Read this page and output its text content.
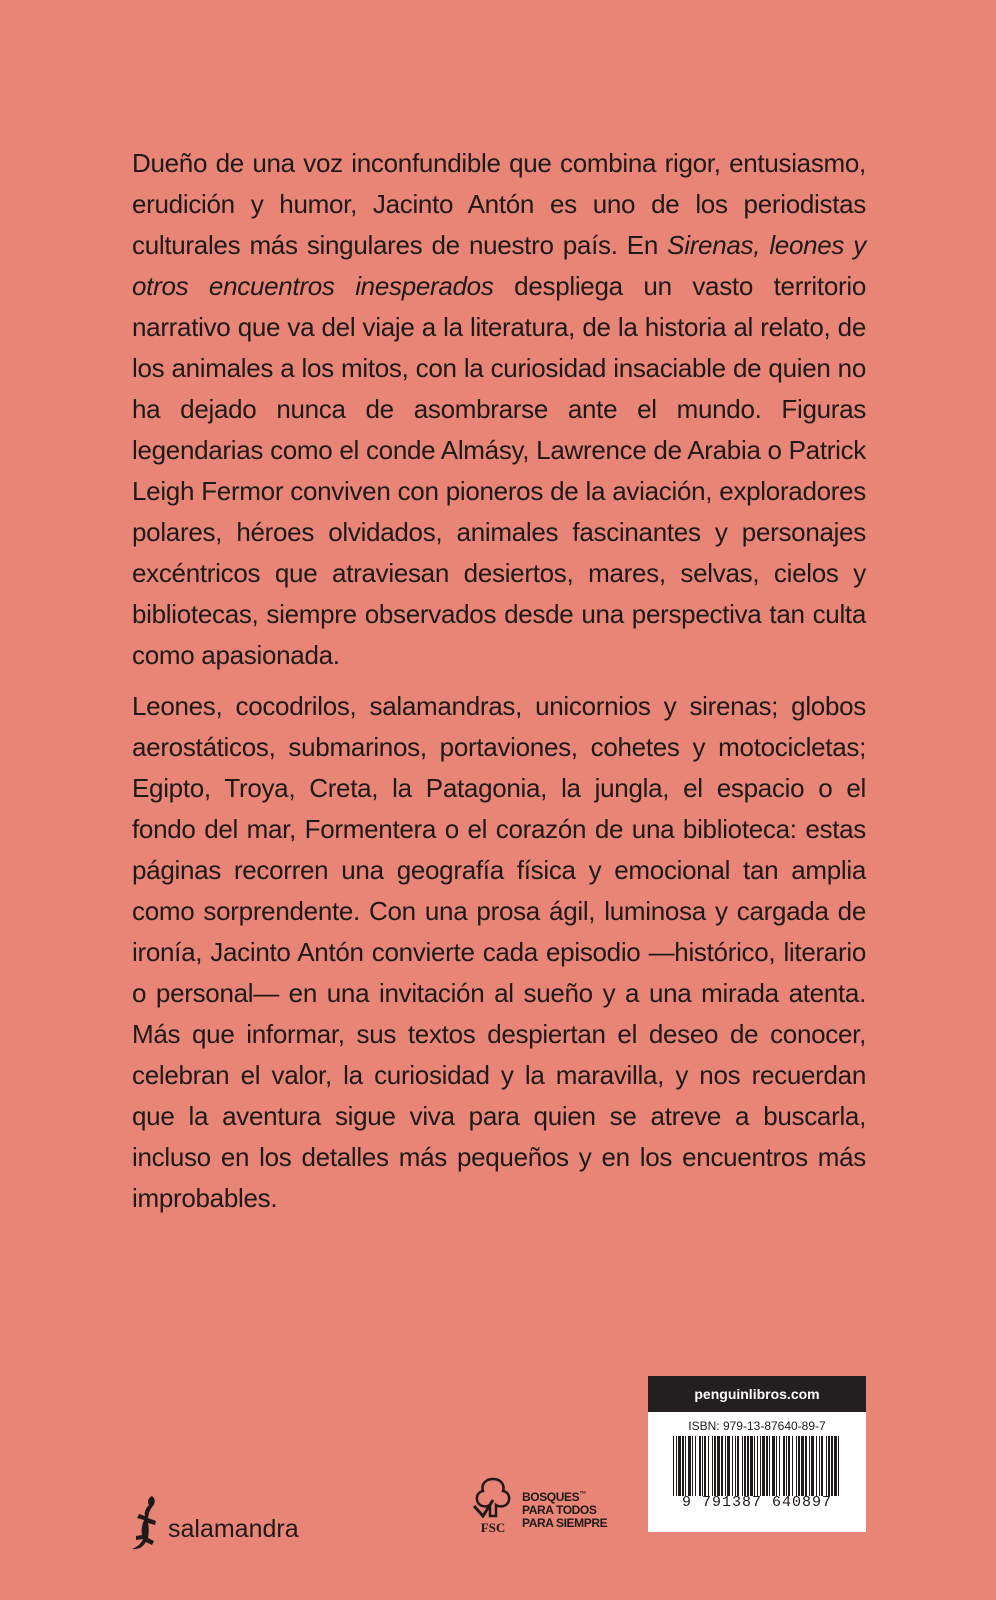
Dueño de una voz inconfundible que combina rigor, entusiasmo, erudición y humor, Jacinto Antón es uno de los periodistas culturales más singulares de nuestro país. En Sirenas, leones y otros encuentros inesperados despliega un vasto territorio narrativo que va del viaje a la literatura, de la historia al relato, de los animales a los mitos, con la curiosidad insaciable de quien no ha dejado nunca de asombrarse ante el mundo. Figuras legendarias como el conde Almásy, Lawrence de Arabia o Patrick Leigh Fermor conviven con pioneros de la aviación, exploradores polares, héroes olvidados, animales fascinantes y personajes excéntricos que atraviesan desiertos, mares, selvas, cielos y bibliotecas, siempre observados desde una perspectiva tan culta como apasionada.

Leones, cocodrilos, salamandras, unicornios y sirenas; globos aerostáticos, submarinos, portaviones, cohetes y motocicletas; Egipto, Troya, Creta, la Patagonia, la jungla, el espacio o el fondo del mar, Formentera o el corazón de una biblioteca: estas páginas recorren una geografía física y emocional tan amplia como sorprendente. Con una prosa ágil, luminosa y cargada de ironía, Jacinto Antón convierte cada episodio —histórico, literario o personal— en una invitación al sueño y a una mirada atenta. Más que informar, sus textos despiertan el deseo de conocer, celebran el valor, la curiosidad y la maravilla, y nos recuerdan que la aventura sigue viva para quien se atreve a buscarla, incluso en los detalles más pequeños y en los encuentros más improbables.

salamandra	FSC
BOSQUES™
PARA TODOS
PARA SIEMPRE
penguinlibros.com
ISBN: 979-13-87640-89-7
9 791387 640897
